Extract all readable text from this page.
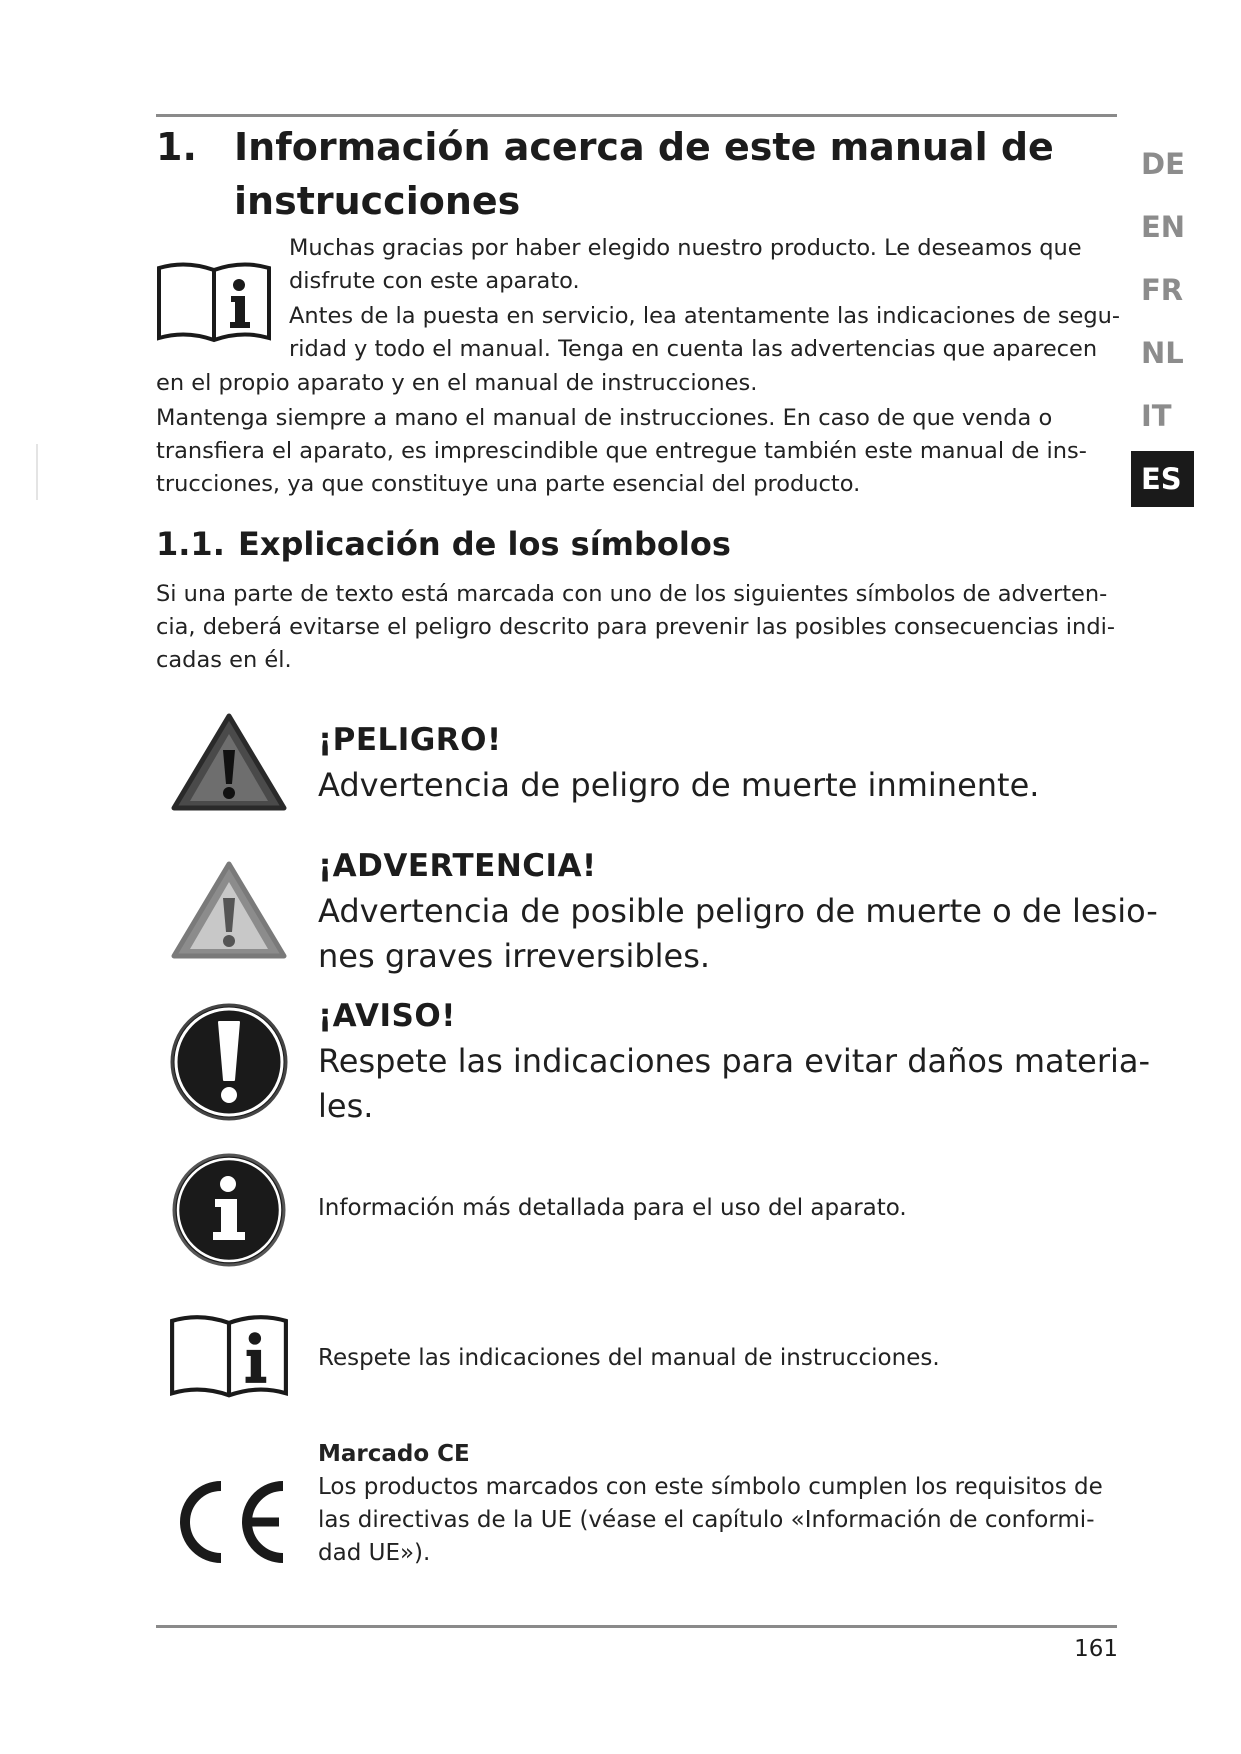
1. Información acerca de este manual de
instrucciones
Muchas gracias por haber elegido nuestro producto. Le deseamos que
disfrute con este aparato.
Antes de la puesta en servicio, lea atentamente las indicaciones de segu-
ridad y todo el manual. Tenga en cuenta las advertencias que aparecen
en el propio aparato y en el manual de instrucciones.
Mantenga siempre a mano el manual de instrucciones. En caso de que venda o
transfiera el aparato, es imprescindible que entregue también este manual de ins-
trucciones, ya que constituye una parte esencial del producto.
DE
EN
FR
NL
IT
ES
1.1. Explicación de los símbolos
Si una parte de texto está marcada con uno de los siguientes símbolos de adverten-
cia, deberá evitarse el peligro descrito para prevenir las posibles consecuencias indi-
cadas en él.
¡PELIGRO!
Advertencia de peligro de muerte inminente.
¡ADVERTENCIA!
Advertencia de posible peligro de muerte o de lesio-
nes graves irreversibles.
¡AVISO!
Respete las indicaciones para evitar daños materia-
les.
Información más detallada para el uso del aparato.
Respete las indicaciones del manual de instrucciones.
Marcado CE
Los productos marcados con este símbolo cumplen los requisitos de
las directivas de la UE (véase el capítulo «Información de conformi-
dad UE»).
161
